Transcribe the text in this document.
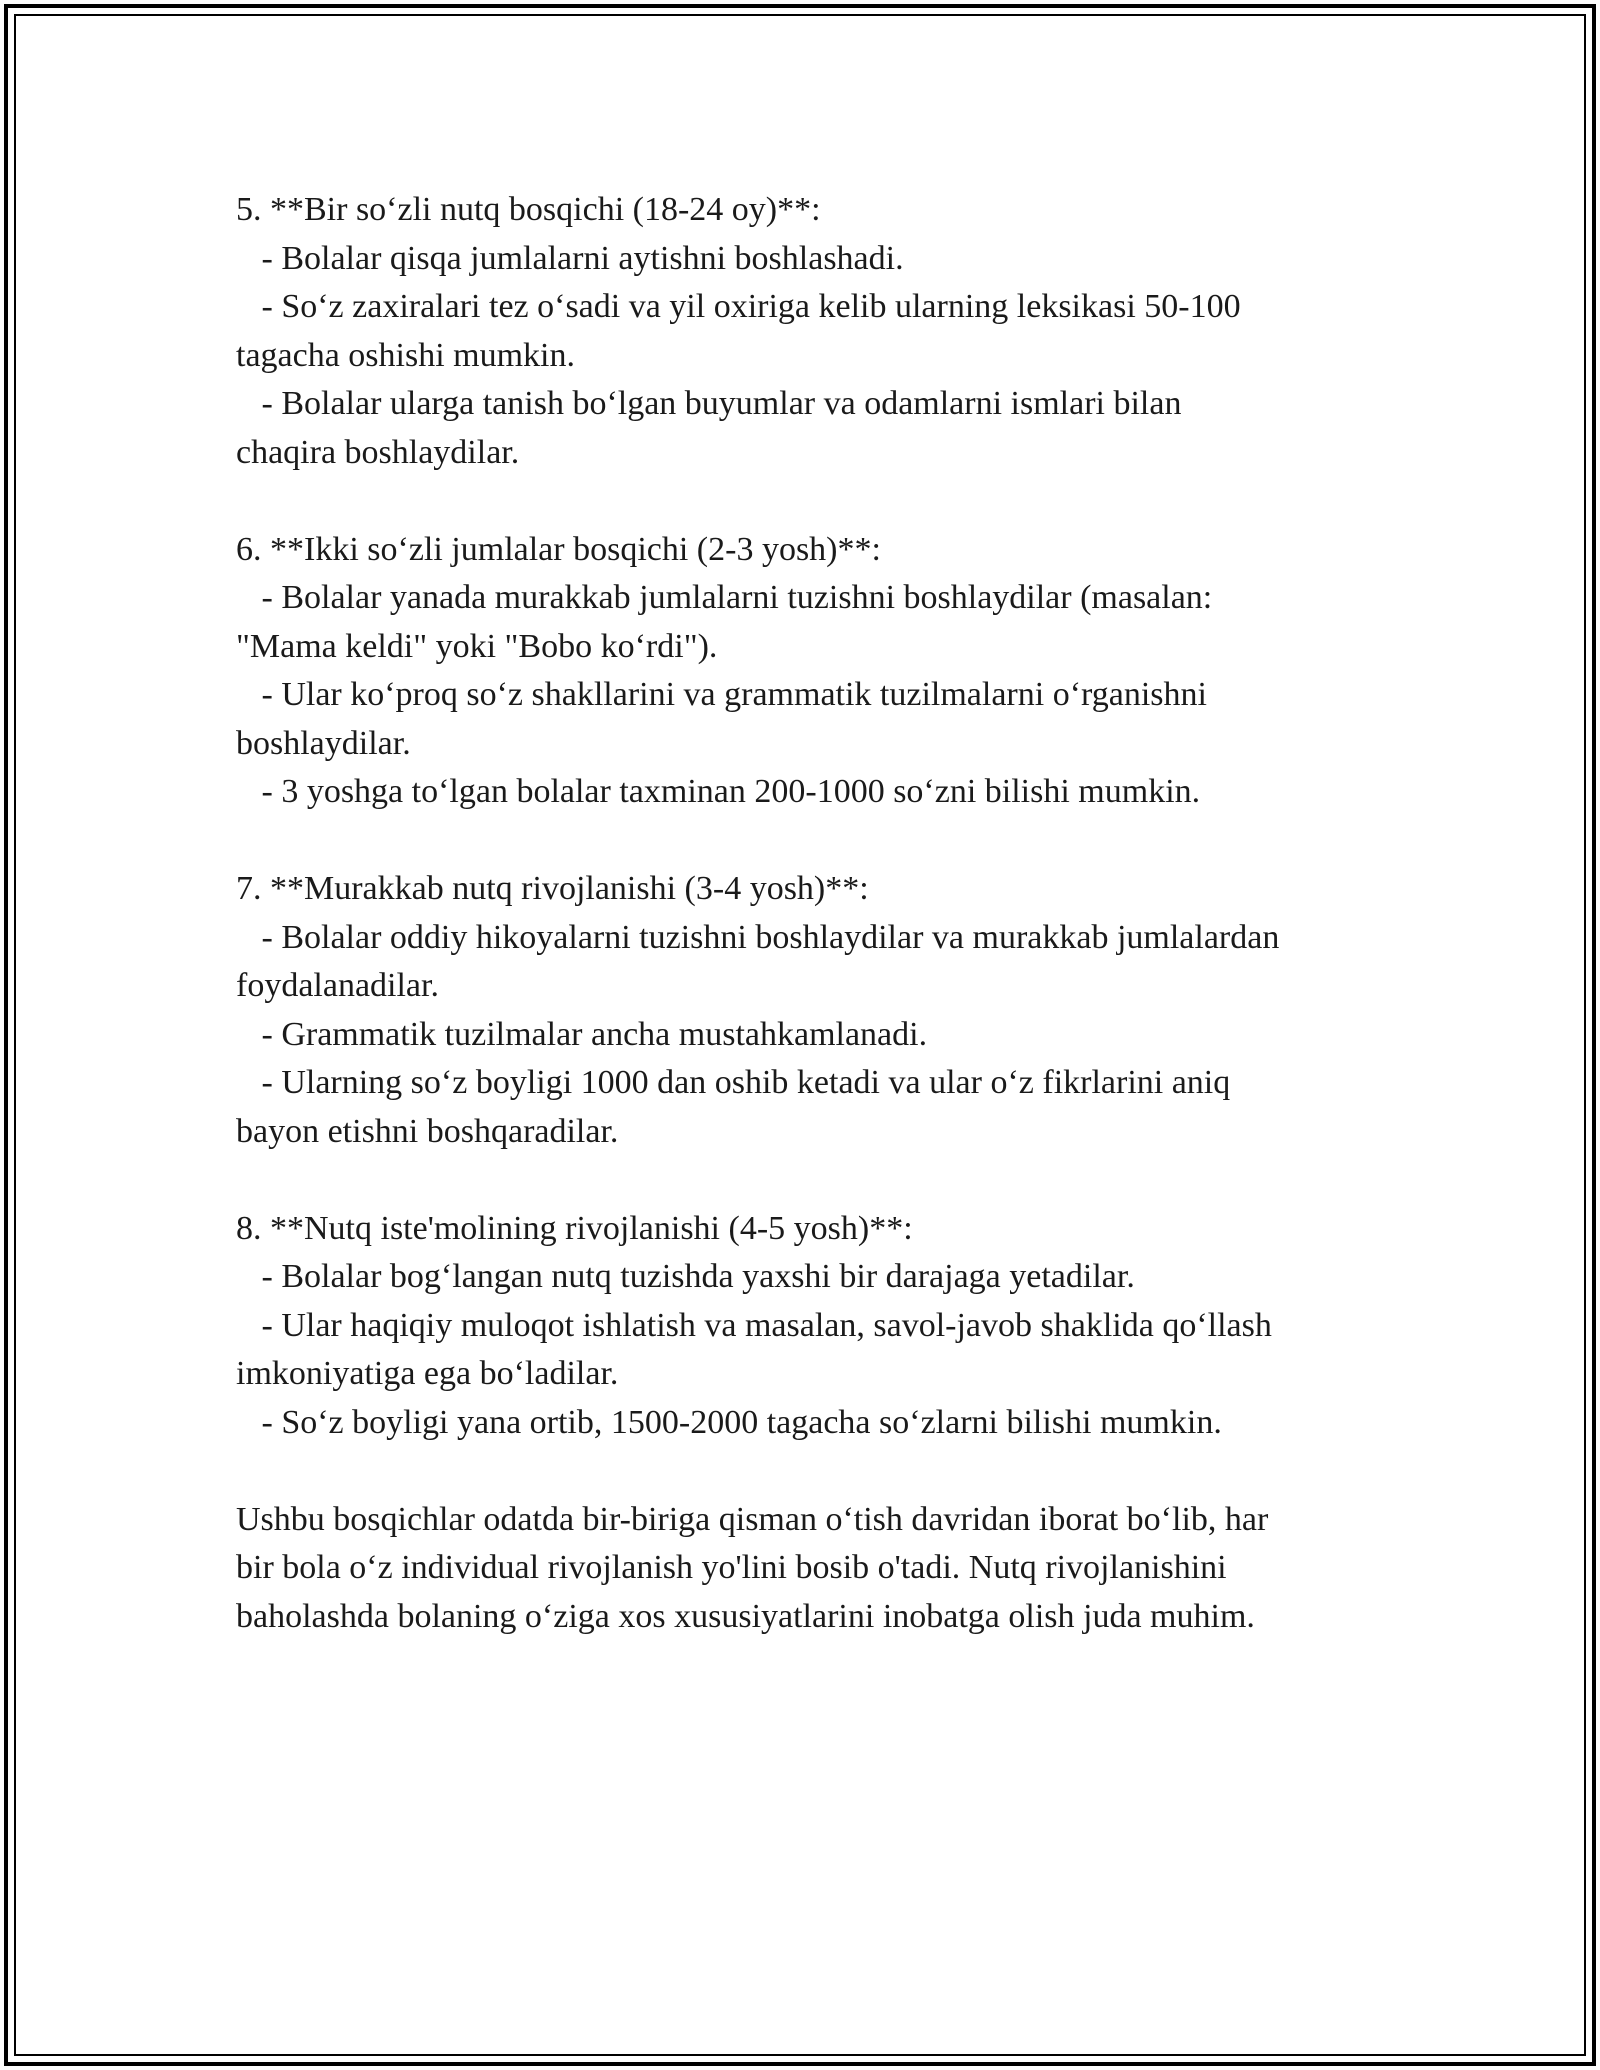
5. **Bir so‘zli nutq bosqichi (18-24 oy)**:
- Bolalar qisqa jumlalarni aytishni boshlashadi.
- So‘z zaxiralari tez o‘sadi va yil oxiriga kelib ularning leksikasi 50-100
tagacha oshishi mumkin.
- Bolalar ularga tanish bo‘lgan buyumlar va odamlarni ismlari bilan
chaqira boshlaydilar.
6. **Ikki so‘zli jumlalar bosqichi (2-3 yosh)**:
- Bolalar yanada murakkab jumlalarni tuzishni boshlaydilar (masalan:
"Mama keldi" yoki "Bobo ko‘rdi").
- Ular ko‘proq so‘z shakllarini va grammatik tuzilmalarni o‘rganishni
boshlaydilar.
- 3 yoshga to‘lgan bolalar taxminan 200-1000 so‘zni bilishi mumkin.
7. **Murakkab nutq rivojlanishi (3-4 yosh)**:
- Bolalar oddiy hikoyalarni tuzishni boshlaydilar va murakkab jumlalardan
foydalanadilar.
- Grammatik tuzilmalar ancha mustahkamlanadi.
- Ularning so‘z boyligi 1000 dan oshib ketadi va ular o‘z fikrlarini aniq
bayon etishni boshqaradilar.
8. **Nutq iste'molining rivojlanishi (4-5 yosh)**:
- Bolalar bog‘langan nutq tuzishda yaxshi bir darajaga yetadilar.
- Ular haqiqiy muloqot ishlatish va masalan, savol-javob shaklida qo‘llash
imkoniyatiga ega bo‘ladilar.
- So‘z boyligi yana ortib, 1500-2000 tagacha so‘zlarni bilishi mumkin.
Ushbu bosqichlar odatda bir-biriga qisman o‘tish davridan iborat bo‘lib, har
bir bola o‘z individual rivojlanish yo'lini bosib o'tadi. Nutq rivojlanishini
baholashda bolaning o‘ziga xos xususiyatlarini inobatga olish juda muhim.
